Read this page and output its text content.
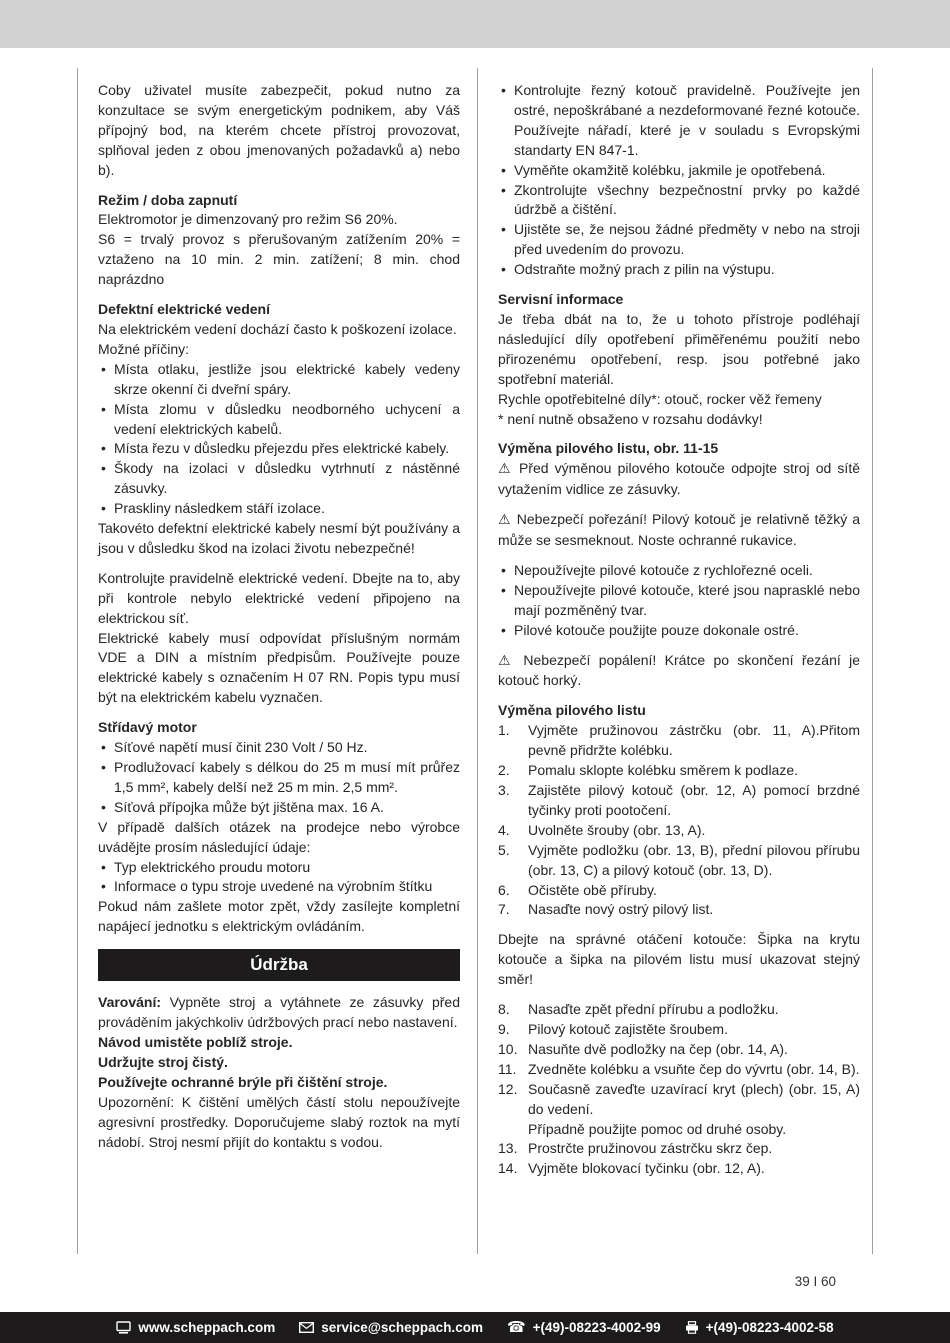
Coby uživatel musíte zabezpečit, pokud nutno za konzultace se svým energetickým podnikem, aby Váš přípojný bod, na kterém chcete přístroj provozovat, splňoval jeden z obou jmenovaných požadavků a) nebo b).

Režim / doba zapnutí

Elektromotor je dimenzovaný pro režim S6 20%.

S6 = trvalý provoz s přerušovaným zatížením 20% = vztaženo na 10 min. 2 min. zatížení; 8 min. chod naprázdno

Defektní elektrické vedení

Na elektrickém vedení dochází často k poškození izolace.

Možné příčiny:

• Místa otlaku, jestliže jsou elektrické kabely vedeny skrze okenní či dveřní spáry.
• Místa zlomu v důsledku neodborného uchycení a vedení elektrických kabelů.
• Místa řezu v důsledku přejezdu přes elektrické kabely.
• Škody na izolaci v důsledku vytrhnutí z nástěnné zásuvky.
• Praskliny následkem stáří izolace.

Takovéto defektní elektrické kabely nesmí být používány a jsou v důsledku škod na izolaci životu nebezpečné!

Kontrolujte pravidelně elektrické vedení. Dbejte na to, aby při kontrole nebylo elektrické vedení připojeno na elektrickou síť.

Elektrické kabely musí odpovídat příslušným normám VDE a DIN a místním předpisům. Používejte pouze elektrické kabely s označením H 07 RN. Popis typu musí být na elektrickém kabelu vyznačen.

Střídavý motor
• Síťové napětí musí činit 230 Volt / 50 Hz.
• Prodlužovací kabely s délkou do 25 m musí mít průřez 1,5 mm², kabely delší než 25 m min. 2,5 mm².
• Síťová přípojka může být jištěna max. 16 A.

V případě dalších otázek na prodejce nebo výrobce uvádějte prosím následující údaje:

• Typ elektrického proudu motoru
• Informace o typu stroje uvedené na výrobním štítku

Pokud nám zašlete motor zpět, vždy zasílejte kompletní napájecí jednotku s elektrickým ovládáním.

Údržba

Varování: Vypněte stroj a vytáhnete ze zásuvky před prováděním jakýchkoliv údržbových prací nebo nastavení.

Návod umistěte poblíž stroje.

Udržujte stroj čistý.

Používejte ochranné brýle při čištění stroje.

Upozornění: K čištění umělých částí stolu nepoužívejte agresivní prostředky. Doporučujeme slabý roztok na mytí nádobí. Stroj nesmí přijít do kontaktu s vodou.

• Kontrolujte řezný kotouč pravidelně. Používejte jen ostré, nepoškrábané a nezdeformované řezné kotouče. Používejte nářadí, které je v souladu s Evropskými standarty EN 847-1.
• Vyměňte okamžitě kolébku, jakmile je opotřebená.
• Zkontrolujte všechny bezpečnostní prvky po každé údržbě a čištění.
• Ujistěte se, že nejsou žádné předměty v nebo na stroji před uvedením do provozu.
• Odstraňte možný prach z pilin na výstupu.
Servisní informace

Je třeba dbát na to, že u tohoto přístroje podléhají následující díly opotřebení přiměřenému použití nebo přirozenému opotřebení, resp. jsou potřebné jako spotřební materiál.

Rychle opotřebitelné díly*: otouč, rocker věž řemeny

* není nutně obsaženo v rozsahu dodávky!

Výměna pilového listu, obr. 11-15

⚠ Před výměnou pilového kotouče odpojte stroj od sítě vytažením vidlice ze zásuvky.

⚠ Nebezpečí pořezání! Pilový kotouč je relativně těžký a může se sesmeknout. Noste ochranné rukavice.

• Nepoužívejte pilové kotouče z rychlořezné oceli.
• Nepoužívejte pilové kotouče, které jsou naprasklé nebo mají pozměněný tvar.
• Pilové kotouče použijte pouze dokonale ostré.

⚠ Nebezpečí popálení! Krátce po skončení řezání je kotouč horký.

Výměna pilového listu
1.	Vyjměte pružinovou zástrčku (obr. 11, A).Přitom pevně přidržte kolébku.
2.	Pomalu sklopte kolébku směrem k podlaze.
3.	Zajistěte pilový kotouč (obr. 12, A) pomocí brzdné tyčinky proti pootočení.
4.	Uvolněte šrouby (obr. 13, A).
5.	Vyjměte podložku (obr. 13, B), přední pilovou přírubu (obr. 13, C) a pilový kotouč (obr. 13, D).
6.	Očistěte obě příruby.
7.	Nasaďte nový ostrý pilový list.

Dbejte na správné otáčení kotouče: Šipka na krytu kotouče a šipka na pilovém listu musí ukazovat stejný směr!

8.	Nasaďte zpět přední přírubu a podložku.
9.	Pilový kotouč zajistěte šroubem.
10. Nasuňte dvě podložky na čep (obr. 14, A).
11. Zvedněte kolébku a vsuňte čep do vývrtu (obr. 14, B).
12. Současně zaveďte uzavírací kryt (plech) (obr. 15, A) do vedení.
Případně použijte pomoc od druhé osoby.
13. Prostrčte pružinovou zástrčku skrz čep.
14. Vyjměte blokovací tyčinku (obr. 12, A).
39 I 60
www.scheppach.com	service@scheppach.com ☎ +(49)-08223-4002-99	+(49)-08223-4002-58
